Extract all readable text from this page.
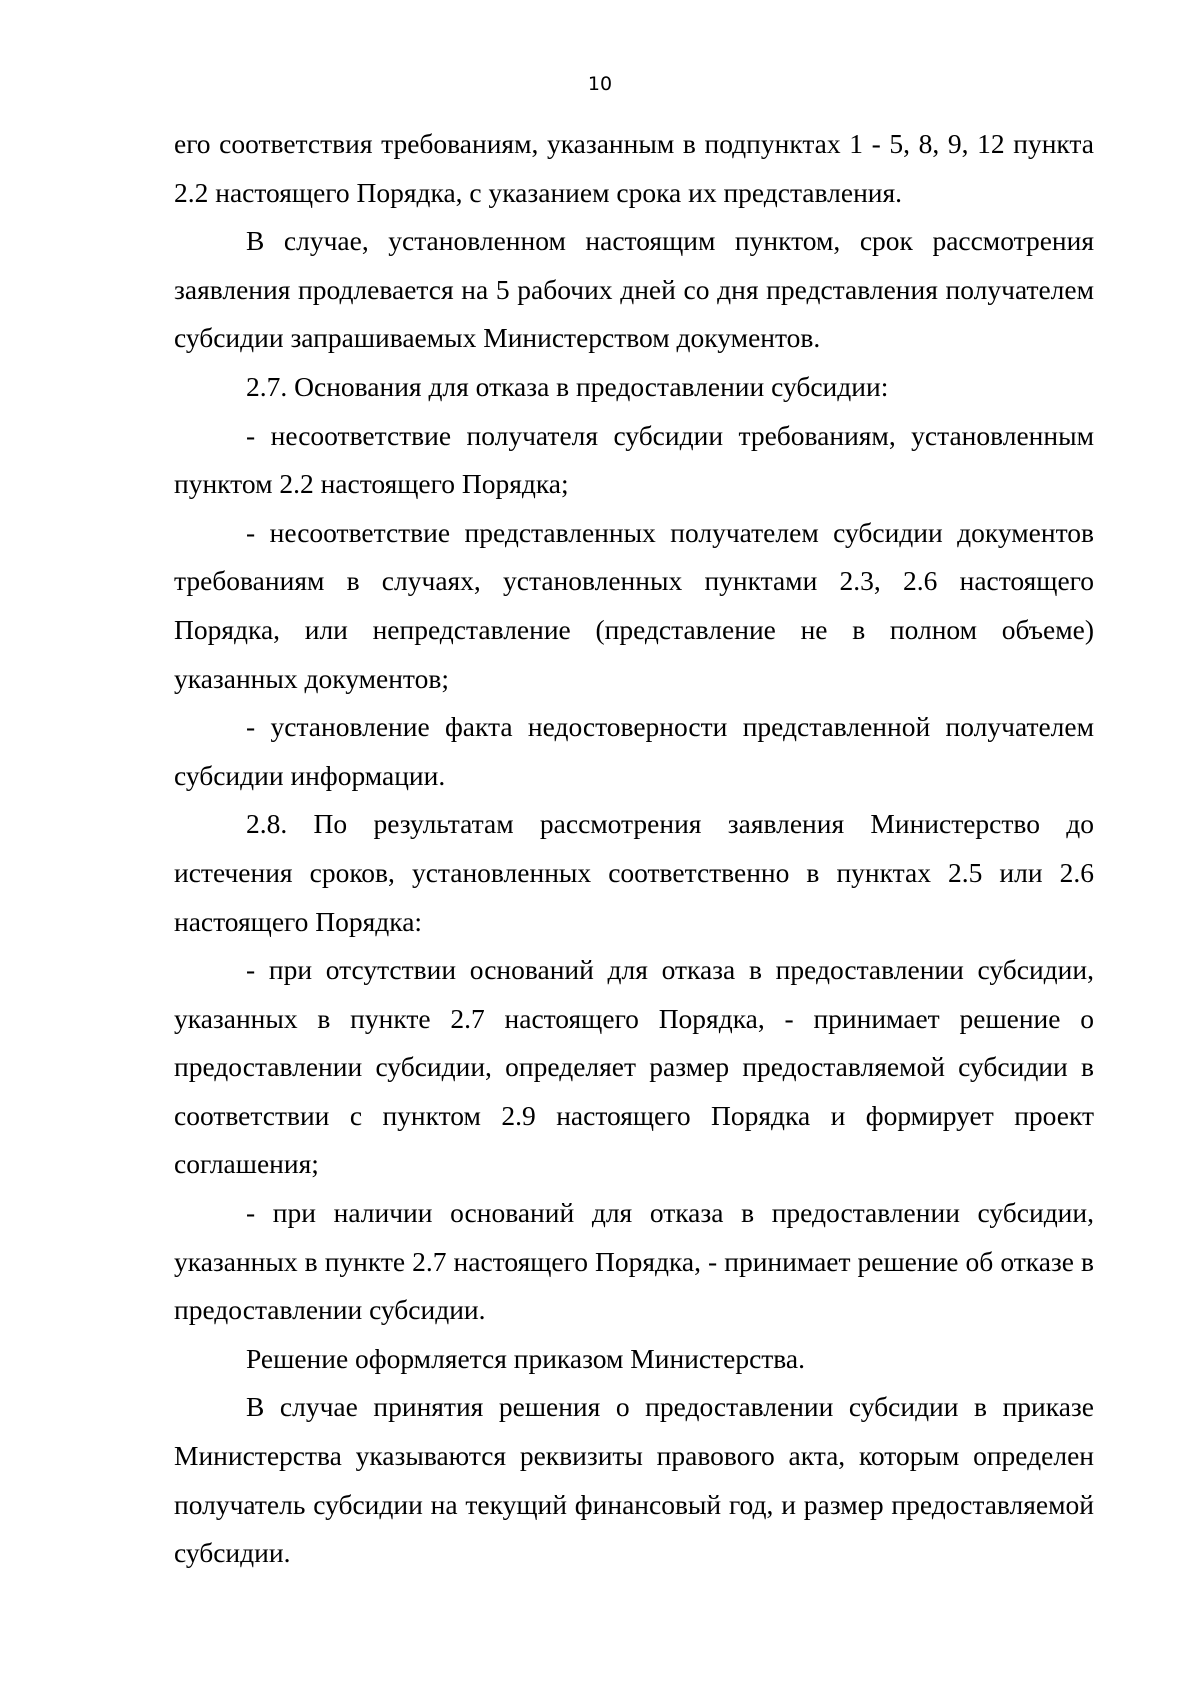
10

его соответствия требованиям, указанным в подпунктах 1 - 5, 8, 9, 12 пункта 2.2 настоящего Порядка, с указанием срока их представления.

В случае, установленном настоящим пунктом, срок рассмотрения заявления продлевается на 5 рабочих дней со дня представления получателем субсидии запрашиваемых Министерством документов.

2.7. Основания для отказа в предоставлении субсидии:

- несоответствие получателя субсидии требованиям, установленным пунктом 2.2 настоящего Порядка;

- несоответствие представленных получателем субсидии документов требованиям в случаях, установленных пунктами 2.3, 2.6 настоящего Порядка, или непредставление (представление не в полном объеме) указанных документов;

- установление факта недостоверности представленной получателем субсидии информации.

2.8. По результатам рассмотрения заявления Министерство до истечения сроков, установленных соответственно в пунктах 2.5 или 2.6 настоящего Порядка:

- при отсутствии оснований для отказа в предоставлении субсидии, указанных в пункте 2.7 настоящего Порядка, - принимает решение о предоставлении субсидии, определяет размер предоставляемой субсидии в соответствии с пунктом 2.9 настоящего Порядка и формирует проект соглашения;

- при наличии оснований для отказа в предоставлении субсидии, указанных в пункте 2.7 настоящего Порядка, - принимает решение об отказе в предоставлении субсидии.

Решение оформляется приказом Министерства.

В случае принятия решения о предоставлении субсидии в приказе Министерства указываются реквизиты правового акта, которым определен получатель субсидии на текущий финансовый год, и размер предоставляемой субсидии.
